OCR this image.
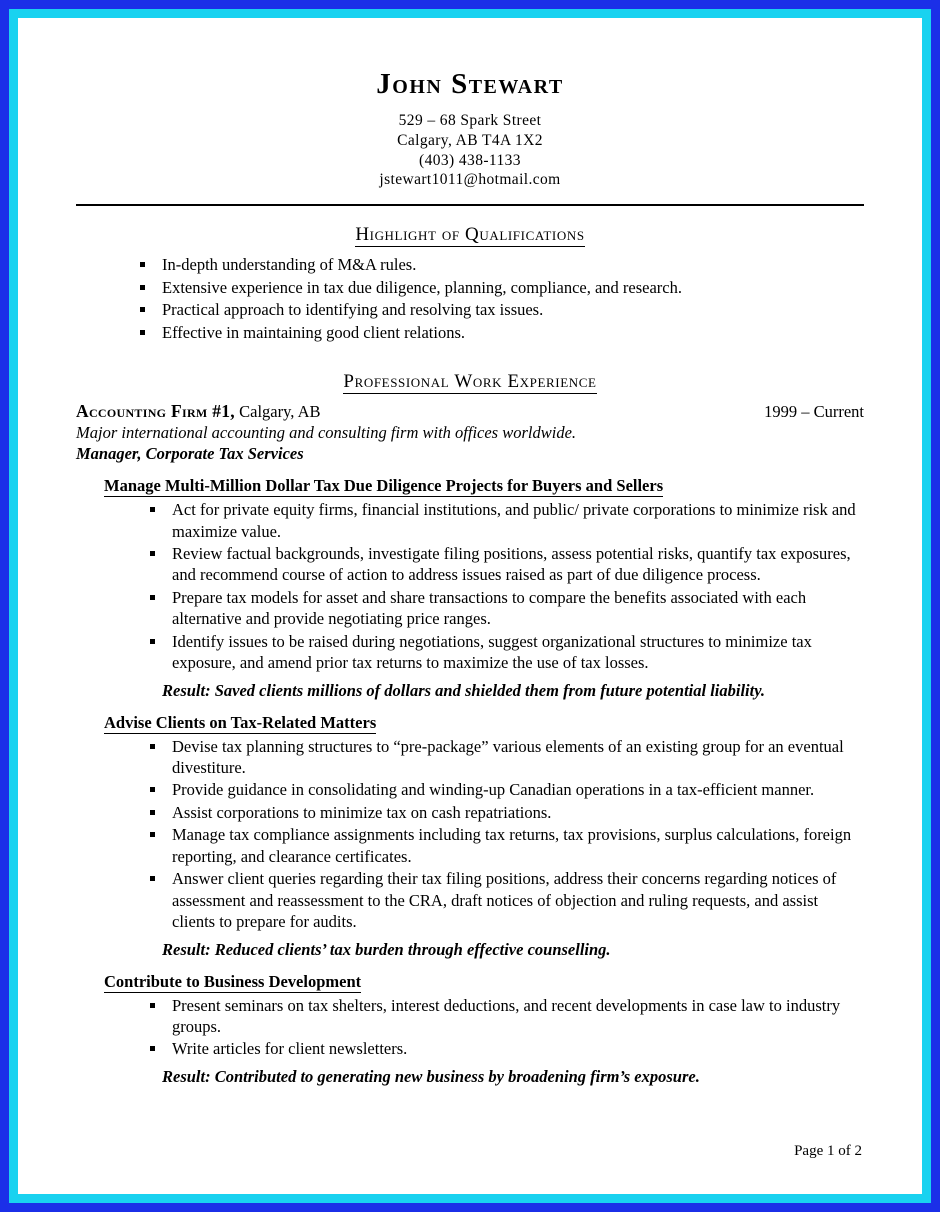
John Stewart
529 – 68 Spark Street
Calgary, AB T4A 1X2
(403) 438-1133
jstewart1011@hotmail.com
Highlight of Qualifications
In-depth understanding of M&A rules.
Extensive experience in tax due diligence, planning, compliance, and research.
Practical approach to identifying and resolving tax issues.
Effective in maintaining good client relations.
Professional Work Experience
Accounting Firm #1, Calgary, AB	1999 – Current
Major international accounting and consulting firm with offices worldwide.
Manager, Corporate Tax Services
Manage Multi-Million Dollar Tax Due Diligence Projects for Buyers and Sellers
Act for private equity firms, financial institutions, and public/ private corporations to minimize risk and maximize value.
Review factual backgrounds, investigate filing positions, assess potential risks, quantify tax exposures, and recommend course of action to address issues raised as part of due diligence process.
Prepare tax models for asset and share transactions to compare the benefits associated with each alternative and provide negotiating price ranges.
Identify issues to be raised during negotiations, suggest organizational structures to minimize tax exposure, and amend prior tax returns to maximize the use of tax losses.
Result: Saved clients millions of dollars and shielded them from future potential liability.
Advise Clients on Tax-Related Matters
Devise tax planning structures to “pre-package” various elements of an existing group for an eventual divestiture.
Provide guidance in consolidating and winding-up Canadian operations in a tax-efficient manner.
Assist corporations to minimize tax on cash repatriations.
Manage tax compliance assignments including tax returns, tax provisions, surplus calculations, foreign reporting, and clearance certificates.
Answer client queries regarding their tax filing positions, address their concerns regarding notices of assessment and reassessment to the CRA, draft notices of objection and ruling requests, and assist clients to prepare for audits.
Result: Reduced clients’ tax burden through effective counselling.
Contribute to Business Development
Present seminars on tax shelters, interest deductions, and recent developments in case law to industry groups.
Write articles for client newsletters.
Result: Contributed to generating new business by broadening firm’s exposure.
Page 1 of 2
